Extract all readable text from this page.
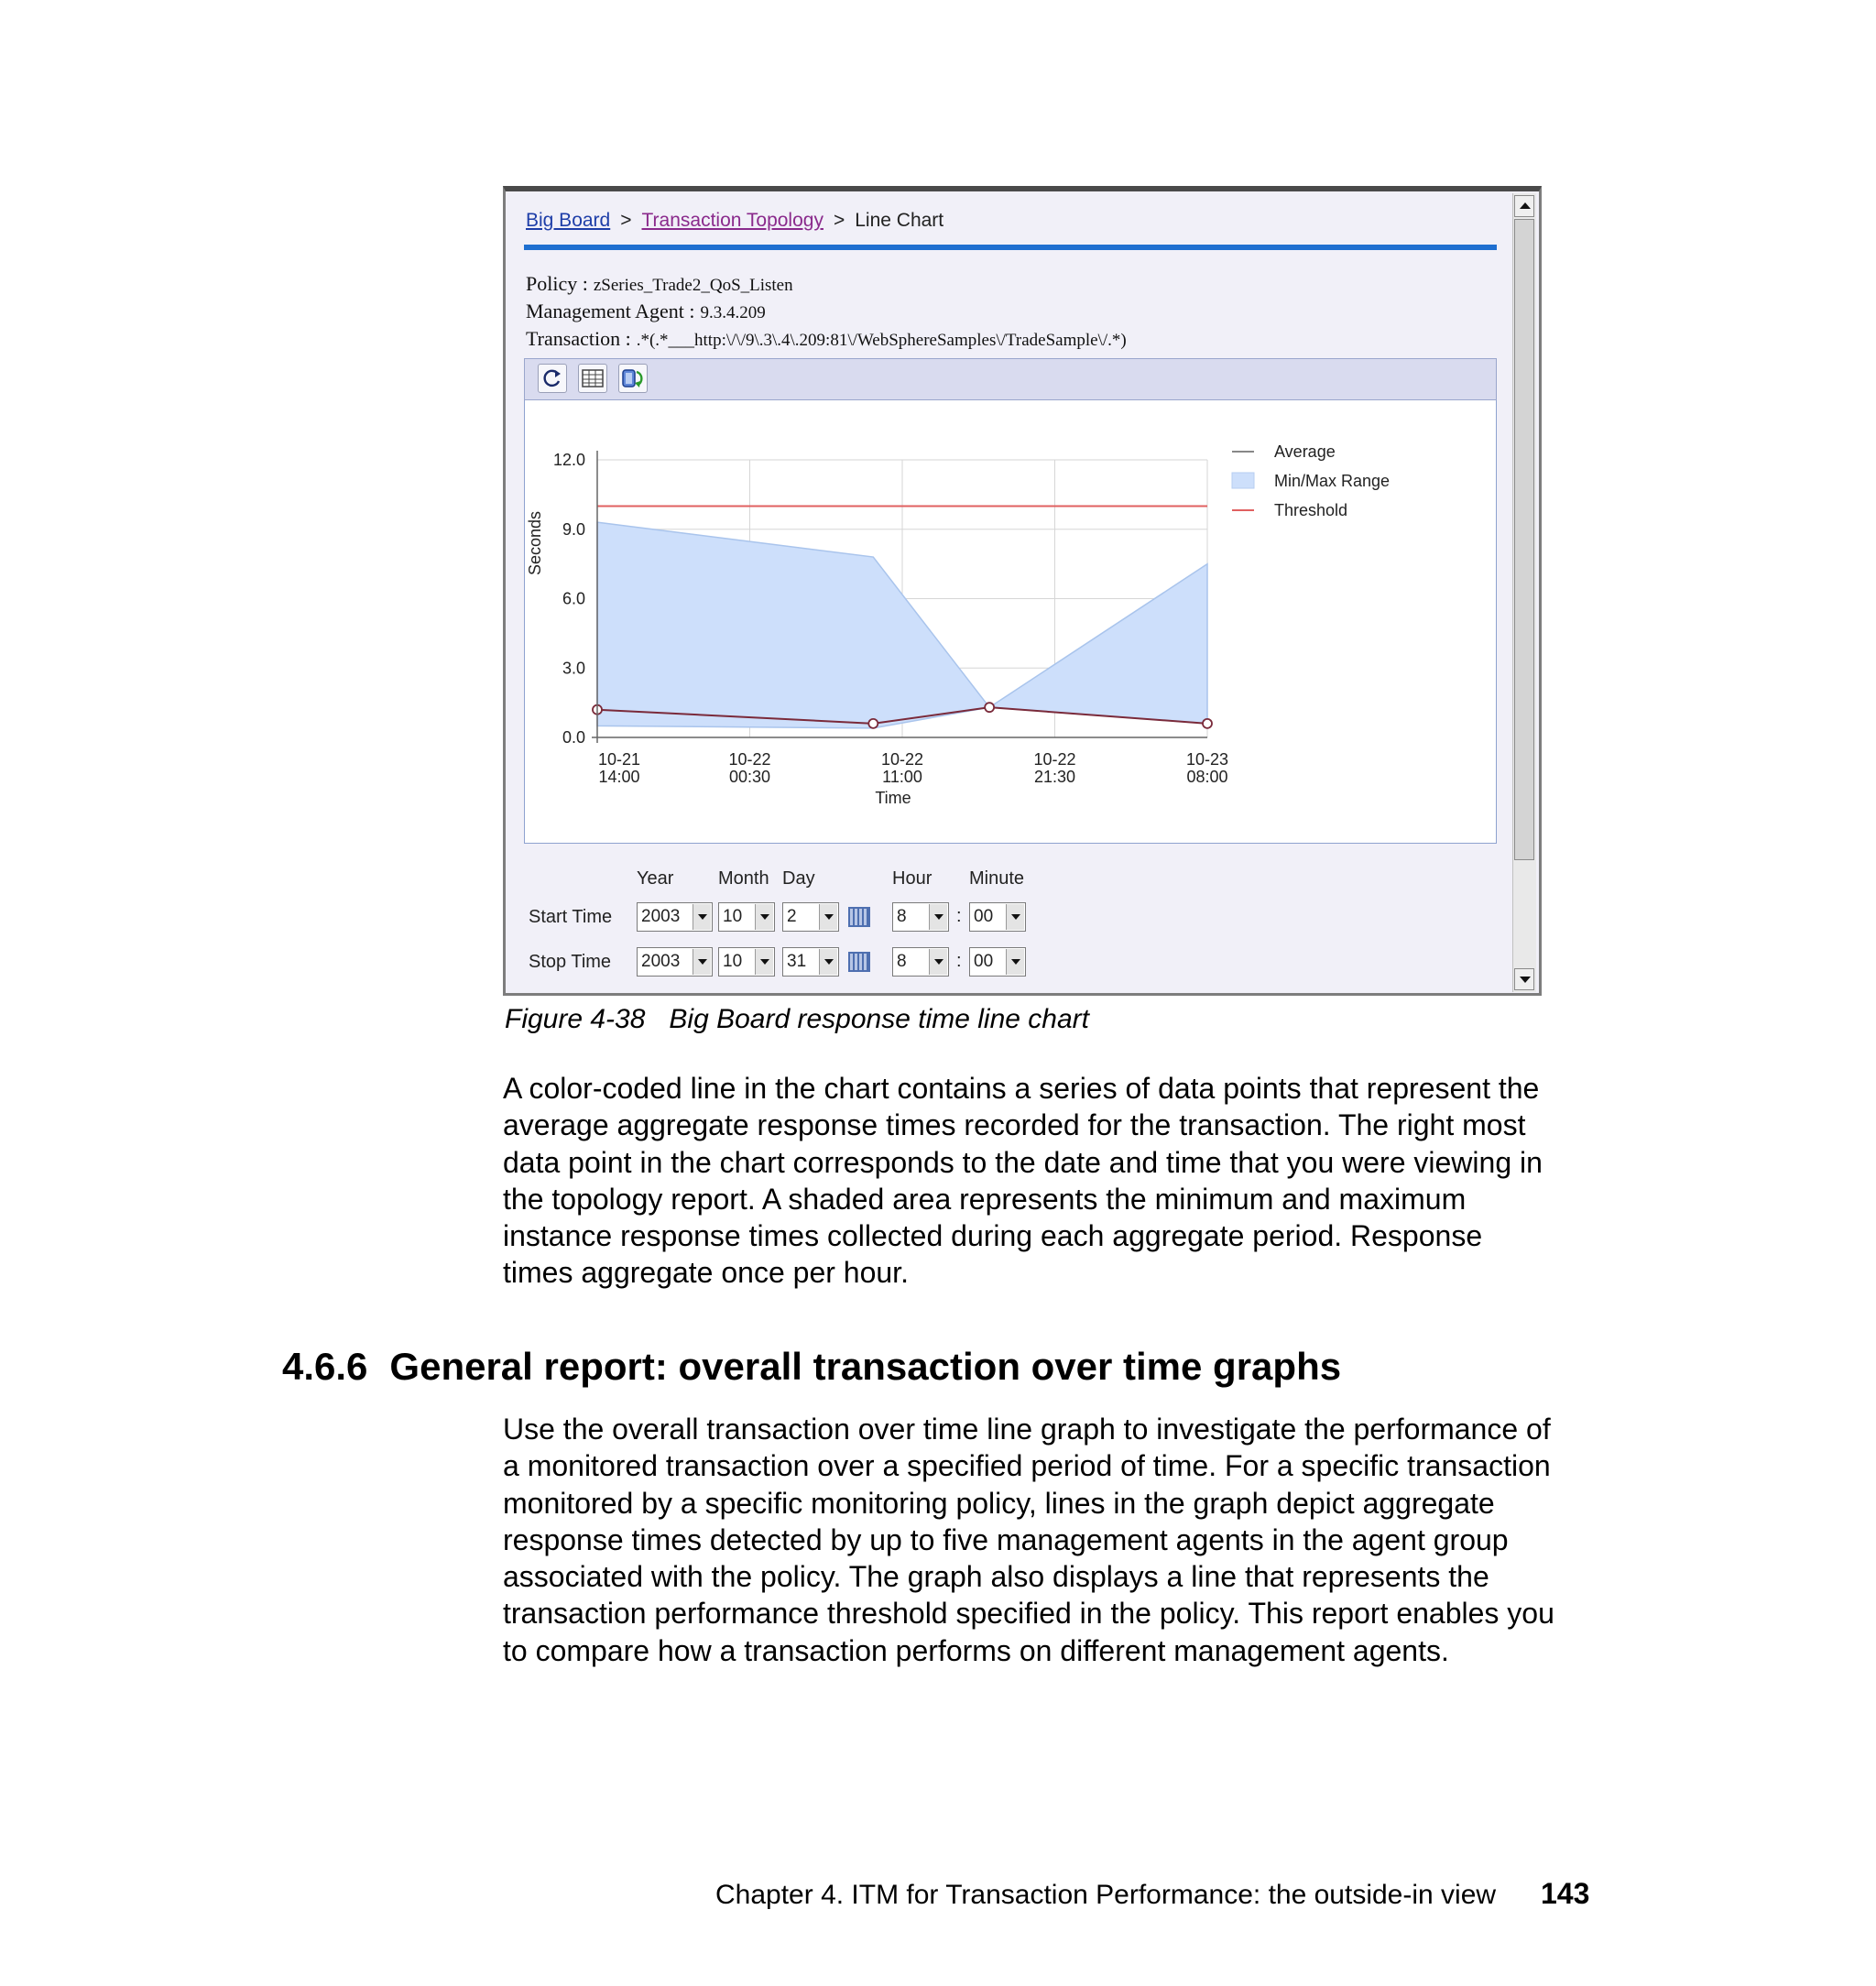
Big Board > Transaction Topology > Line Chart
Policy : zSeries_Trade2_QoS_Listen
Management Agent : 9.3.4.209
Transaction : .*(.*___http:\/\/9\.3\.4\.209:81\/WebSphereSamples\/TradeSample\/.*)
0.0
3.0
6.0
9.0
12.0
10-21
14:00
10-22
00:30
10-22
11:00
10-22
21:30
10-23
08:00
Seconds
Time
Average
Min/Max Range
Threshold
Year Month Day	Hour Minute
Start Time 2003 10	2	8	: 00
Stop Time 2003 10	31	8	: 00
Figure 4-38 Big Board response time line chart
A color-coded line in the chart contains a series of data points that represent the
average aggregate response times recorded for the transaction. The right most
data point in the chart corresponds to the date and time that you were viewing in
the topology report. A shaded area represents the minimum and maximum
instance response times collected during each aggregate period. Response
times aggregate once per hour.
4.6.6 General report: overall transaction over time graphs
Use the overall transaction over time line graph to investigate the performance of
a monitored transaction over a specified period of time. For a specific transaction
monitored by a specific monitoring policy, lines in the graph depict aggregate
response times detected by up to five management agents in the agent group
associated with the policy. The graph also displays a line that represents the
transaction performance threshold specified in the policy. This report enables you
to compare how a transaction performs on different management agents.
Chapter 4. ITM for Transaction Performance: the outside-in view 143
